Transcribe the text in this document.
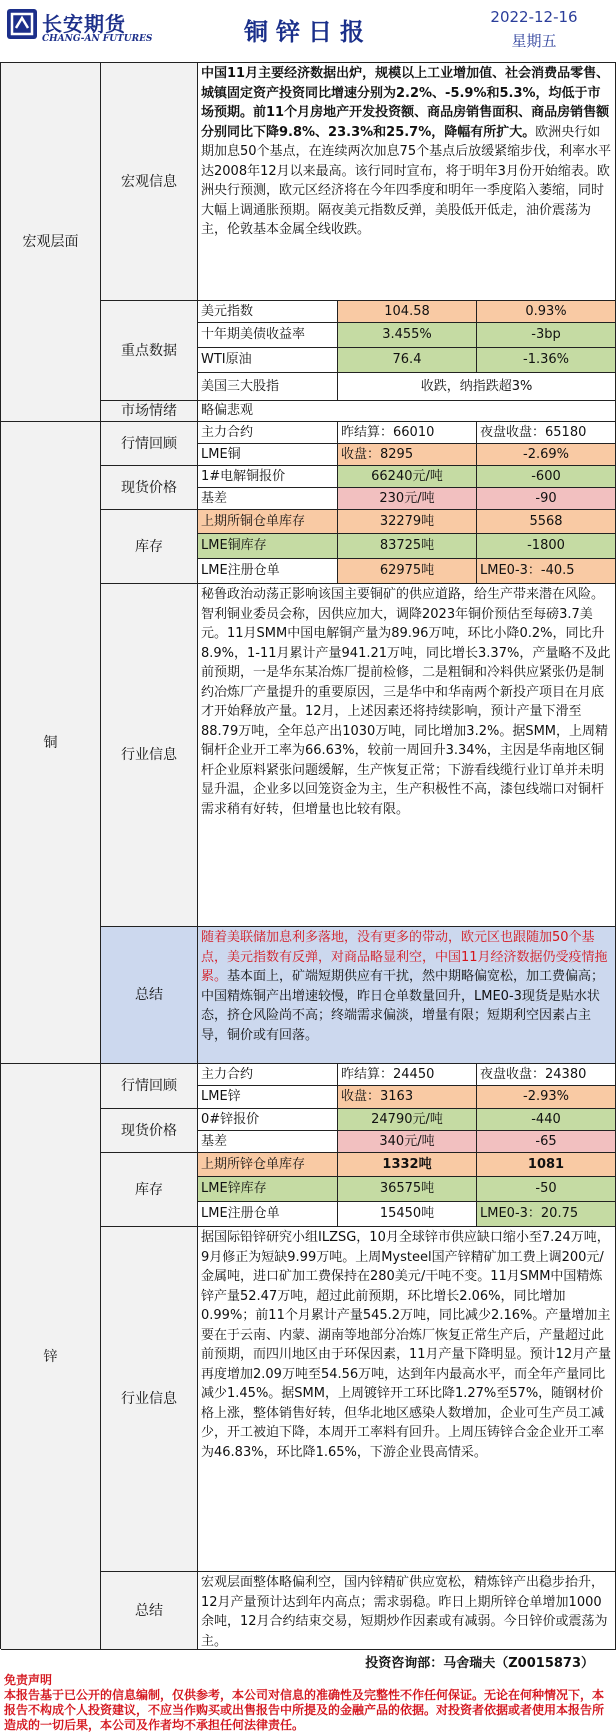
长安期货
CHANG-AN FUTURES	铜锌日报
2022-12-16
星期五
宏观层面
宏观信息
中国11月主要经济数据出炉，规模以上工业增加值、社会消费品零售、城镇固定资产投资同比增速分别为2.2%、-5.9%和5.3%，均低于市场预期。前11个月房地产开发投资额、商品房销售面积、商品房销售额分别同比下降9.8%、23.3%和25.7%，降幅有所扩大。欧洲央行如期加息50个基点，在连续两次加息75个基点后放缓紧缩步伐，利率水平达2008年12月以来最高。该行同时宣布，将于明年3月份开始缩表。欧洲央行预测，欧元区经济将在今年四季度和明年一季度陷入萎缩，同时大幅上调通胀预期。隔夜美元指数反弹，美股低开低走，油价震荡为主，伦敦基本金属全线收跌。
重点数据
美元指数	104.58	0.93%
十年期美债收益率	3.455%	-3bp
WTI原油	76.4	-1.36%
美国三大股指	收跌，纳指跌超3%
市场情绪	略偏悲观
铜
行情回顾
主力合约	昨结算：66010	夜盘收盘：65180
LME铜	收盘：8295	-2.69%
现货价格
1#电解铜报价	66240元/吨	-600
基差	230元/吨	-90
库存
上期所铜仓单库存	32279吨	5568
LME铜库存	83725吨	-1800
LME注册仓单	62975吨	LME0-3：-40.5
行业信息
秘鲁政治动荡正影响该国主要铜矿的供应道路，给生产带来潜在风险。智利铜业委员会称，因供应加大，调降2023年铜价预估至每磅3.7美元。11月SMM中国电解铜产量为89.96万吨，环比小降0.2%，同比升8.9%，1-11月累计产量941.21万吨，同比增长3.37%，产量略不及此前预期，一是华东某冶炼厂提前检修，二是粗铜和冷料供应紧张仍是制约冶炼厂产量提升的重要原因，三是华中和华南两个新投产项目在月底才开始释放产量。12月，上述因素还将持续影响，预计产量下滑至88.79万吨，全年总产出1030万吨，同比增加3.2%。据SMM，上周精铜杆企业开工率为66.63%，较前一周回升3.34%，主因是华南地区铜杆企业原料紧张问题缓解，生产恢复正常；下游看线缆行业订单并未明显升温，企业多以回笼资金为主，生产积极性不高，漆包线端口对铜杆需求稍有好转，但增量也比较有限。
总结
随着美联储加息利多落地，没有更多的带动，欧元区也跟随加50个基点，美元指数有反弹，对商品略显利空，中国11月经济数据仍受疫情拖累。基本面上，矿端短期供应有干扰，然中期略偏宽松，加工费偏高；中国精炼铜产出增速较慢，昨日仓单数量回升，LME0-3现货是贴水状态，挤仓风险尚不高；终端需求偏淡，增量有限；短期利空因素占主导，铜价或有回落。
锌
行情回顾
主力合约	昨结算：24450	夜盘收盘：24380
LME锌	收盘：3163	-2.93%
现货价格
0#锌报价	24790元/吨	-440
基差	340元/吨	-65
库存
上期所锌仓单库存	1332吨	1081
LME锌库存	36575吨	-50
LME注册仓单	15450吨	LME0-3：20.75
行业信息
据国际铅锌研究小组ILZSG，10月全球锌市供应缺口缩小至7.24万吨，9月修正为短缺9.99万吨。上周Mysteel国产锌精矿加工费上调200元/金属吨，进口矿加工费保持在280美元/干吨不变。11月SMM中国精炼锌产量52.47万吨，超过此前预期，环比增长2.06%，同比增加0.99%；前11个月累计产量545.2万吨，同比减少2.16%。产量增加主要在于云南、内蒙、湖南等地部分冶炼厂恢复正常生产后，产量超过此前预期，而四川地区由于环保因素，11月产量下降明显。预计12月产量再度增加2.09万吨至54.56万吨，达到年内最高水平，而全年产量同比减少1.45%。据SMM，上周镀锌开工环比降1.27%至57%，随钢材价格上涨，整体销售好转，但华北地区感染人数增加，企业可生产员工减少，开工被迫下降，本周开工率料有回升。上周压铸锌合金企业开工率为46.83%，环比降1.65%，下游企业畏高情采。
总结
宏观层面整体略偏利空，国内锌精矿供应宽松，精炼锌产出稳步抬升，12月产量预计达到年内高点；需求弱稳。昨日上期所锌仓单增加1000余吨，12月合约结束交易，短期炒作因素或有减弱。今日锌价或震荡为主。
投资咨询部：马舍瑞夫（Z0015873）
免责声明
本报告基于已公开的信息编制，仅供参考，本公司对信息的准确性及完整性不作任何保证。无论在何种情况下，本报告不构成个人投资建议，不应当作购买或出售报告中所提及的金融产品的依据。对投资者依据或者使用本报告所造成的一切后果，本公司及作者均不承担任何法律责任。
